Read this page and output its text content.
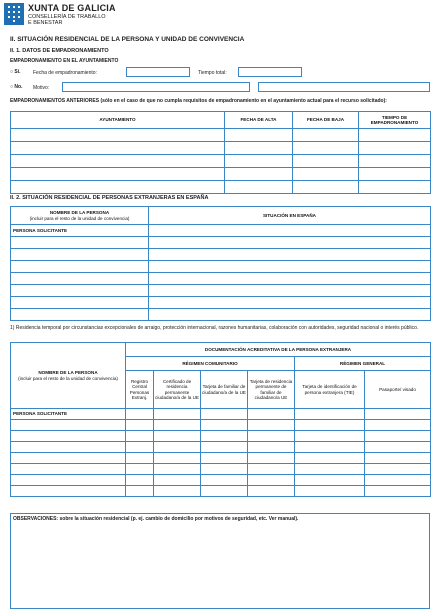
XUNTA DE GALICIA
CONSELLERÍA DE TRABALLO
E BENESTAR
II. SITUACIÓN RESIDENCIAL DE LA PERSONA Y UNIDAD DE CONVIVENCIA
II. 1. DATOS DE EMPADRONAMIENTO
EMPADRONAMIENTO EN EL AYUNTAMIENTO
○ Sí. Fecha de empadronamiento:	Tiempo total:
○ No. Motivo:
EMPADRONAMIENTOS ANTERIORES (sólo en el caso de que no cumpla requisitos de empadronamiento en el ayuntamiento actual para el recurso solicitado):
AYUNTAMIENTO	FECHA DE ALTA	FECHA DE BAJA	TIEMPO DE EMPADRONAMIENTO

II. 2. SITUACIÓN RESIDENCIAL DE PERSONAS EXTRANJERAS EN ESPAÑA
NOMBRE DE LA PERSONA
(incluir para el resto de la unidad de convivencia)	SITUACIÓN EN ESPAÑA
PERSONA SOLICITANTE	

1) Residencia temporal por circunstancias excepcionales de arraigo, protección internacional, razones humanitarias, colaboración con autoridades, seguridad nacional o interés público.
NOMBRE DE LA PERSONA
(incluir para el resto de la unidad de convivencia)	DOCUMENTACIÓN ACREDITATIVA DE LA PERSONA EXTRANJERA					
	RÉGIMEN COMUNITARIO				RÉGIMEN GENERAL	
	Registro Central Personas Extranj.	Certificado de residencia permanente ciudadano/a de la UE	Tarjeta de familiar de ciudadano/a de la UE	Tarjeta de residencia permanente de familiar de ciudadano/a UE	Tarjeta de identificación de persona extranjera (TIE)	Pasaporte/ visado
PERSONA SOLICITANTE						

OBSERVACIONES: sobre la situación residencial (p. ej. cambio de domicilio por motivos de seguridad, etc. Ver manual).
